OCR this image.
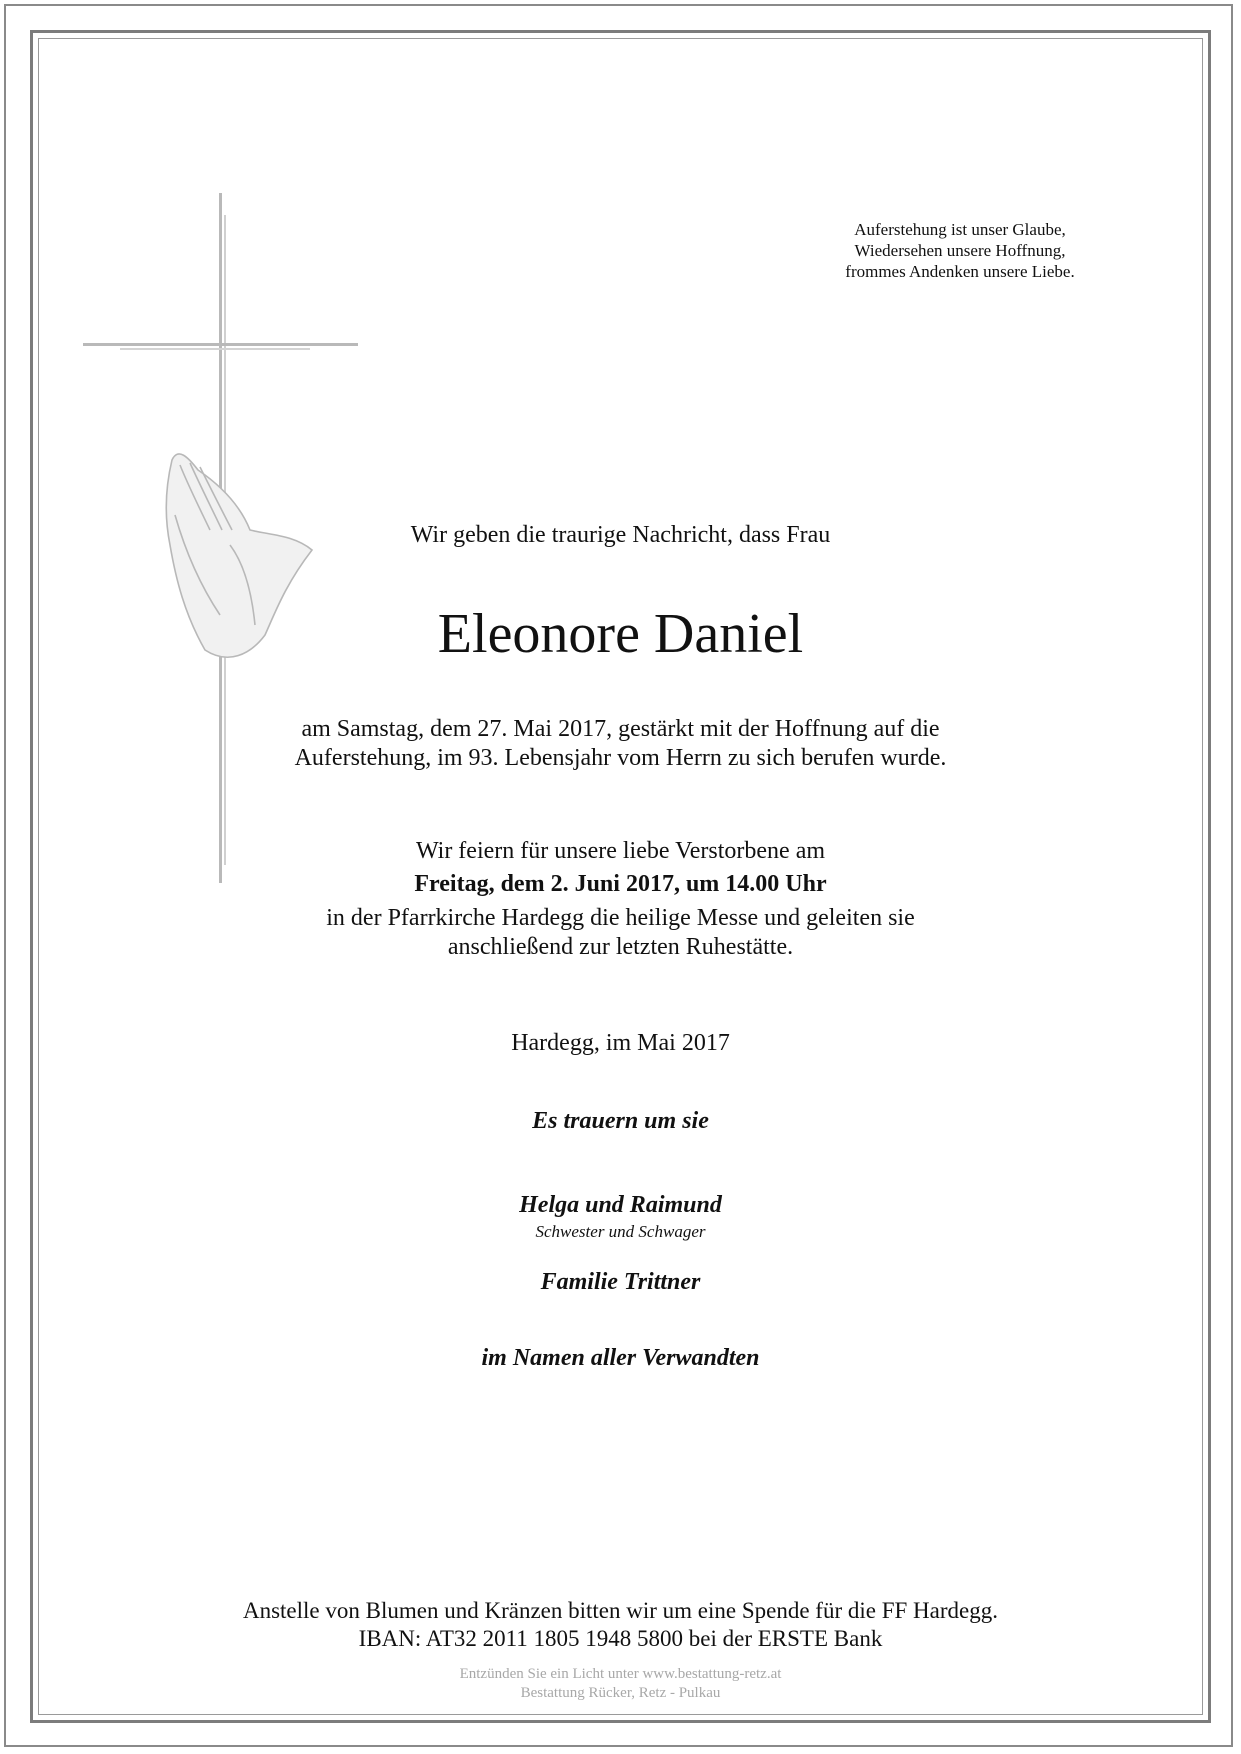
Auferstehung ist unser Glaube,
Wiedersehen unsere Hoffnung,
frommes Andenken unsere Liebe.
Wir geben die traurige Nachricht, dass Frau
Eleonore Daniel
am Samstag, dem 27. Mai 2017, gestärkt mit der Hoffnung auf die
Auferstehung, im 93. Lebensjahr vom Herrn zu sich berufen wurde.
Wir feiern für unsere liebe Verstorbene am
Freitag, dem 2. Juni 2017, um 14.00 Uhr
in der Pfarrkirche Hardegg die heilige Messe und geleiten sie
anschließend zur letzten Ruhestätte.
Hardegg, im Mai 2017
Es trauern um sie
Helga und Raimund
Schwester und Schwager
Familie Trittner
im Namen aller Verwandten
Anstelle von Blumen und Kränzen bitten wir um eine Spende für die FF Hardegg.
IBAN: AT32 2011 1805 1948 5800 bei der ERSTE Bank
Entzünden Sie ein Licht unter www.bestattung-retz.at
Bestattung Rücker, Retz - Pulkau
